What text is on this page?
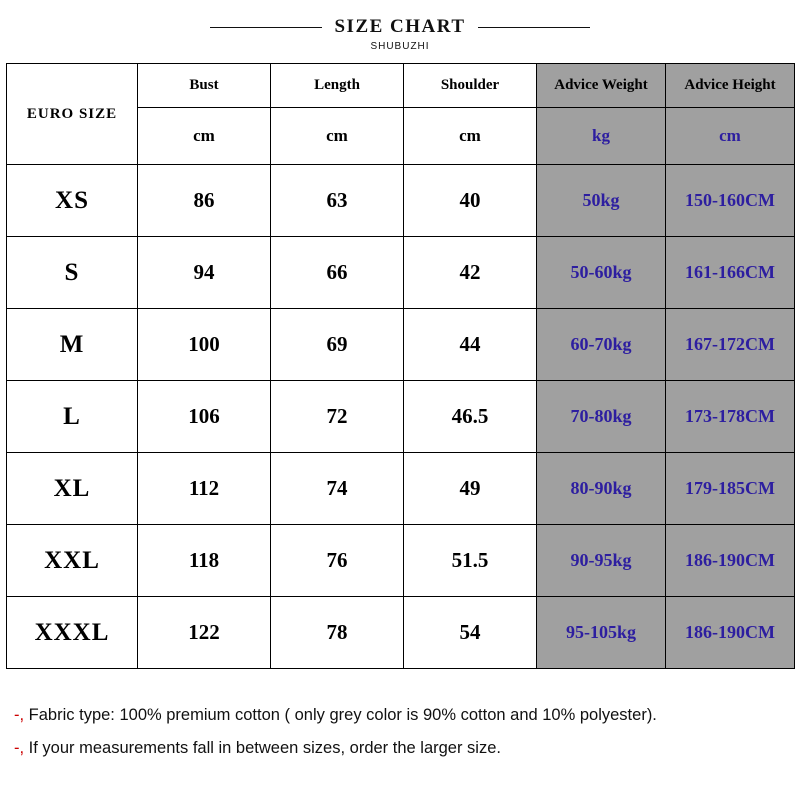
SIZE CHART
SHUBUZHI
EURO SIZE	Bust	Length	Shoulder	Advice Weight	Advice Height
	cm	cm	cm	kg	cm
XS	86	63	40	50kg	150-160CM
S	94	66	42	50-60kg	161-166CM
M	100	69	44	60-70kg	167-172CM
L	106	72	46.5	70-80kg	173-178CM
XL	112	74	49	80-90kg	179-185CM
XXL	118	76	51.5	90-95kg	186-190CM
XXXL	122	78	54	95-105kg	186-190CM
-, Fabric type: 100% premium cotton ( only grey color is 90% cotton and 10% polyester).
-, If your measurements fall in between sizes, order the larger size.
